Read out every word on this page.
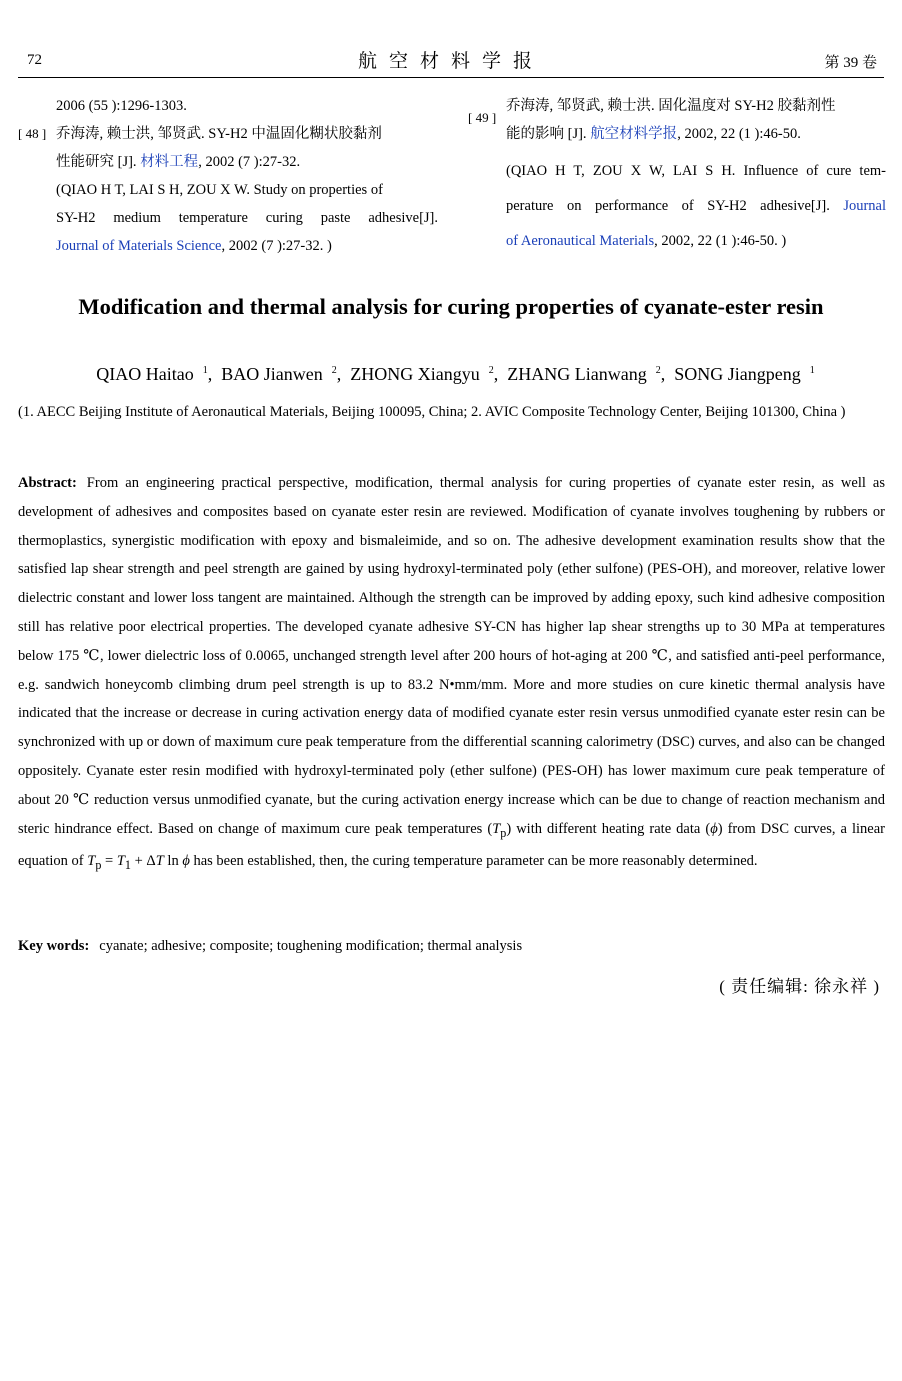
72	航空材料学报	第 39 卷

2006 (55 ):1296-1303.

[ 48 ] 乔海涛, 赖士洪, 邹贤武. SY-H2 中温固化糊状胶黏剂

性能研究 [J]. 材料工程, 2002 (7 ):27-32.

(QIAO H T, LAI S H, ZOU X W. Study on properties of

SY-H2 medium temperature curing paste adhesive[J].

Journal of Materials Science, 2002 (7 ):27-32. )

[ 49 ]

乔海涛, 邹贤武, 赖士洪. 固化温度对 SY-H2 胶黏剂性

能的影响 [J]. 航空材料学报, 2002, 22 (1 ):46-50.

(QIAO H T, ZOU X W, LAI S H. Influence of cure tem-

perature on performance of SY-H2 adhesive[J]. Journal

of Aeronautical Materials, 2002, 22 (1 ):46-50. )

Modification and thermal analysis for curing properties of cyanate-ester resin
QIAO Haitao $^1$, BAO Jianwen $^2$, ZHONG Xiangyu $^2$, ZHANG Lianwang $^2$, SONG Jiangpeng $^1$
(1. AECC Beijing Institute of Aeronautical Materials, Beijing 100095, China; 2. AVIC Composite Technology Center, Beijing 101300, China )

Abstract: From an engineering practical perspective, modification, thermal analysis for curing properties of cyanate ester resin, as well as development of adhesives and composites based on cyanate ester resin are reviewed. Modification of cyanate involves toughening by rubbers or thermoplastics, synergistic modification with epoxy and bismaleimide, and so on. The adhesive development examination results show that the satisfied lap shear strength and peel strength are gained by using hydroxyl-terminated poly (ether sulfone) (PES-OH), and moreover, relative lower dielectric constant and lower loss tangent are maintained. Although the strength can be improved by adding epoxy, such kind adhesive composition still has relative poor electrical properties. The developed cyanate adhesive SY-CN has higher lap shear strengths up to 30 MPa at temperatures below 175 ℃, lower dielectric loss of 0.0065, unchanged strength level after 200 hours of hot-aging at 200 ℃, and satisfied anti-peel performance, e.g. sandwich honeycomb climbing drum peel strength is up to 83.2 N•mm/mm. More and more studies on cure kinetic thermal analysis have indicated that the increase or decrease in curing activation energy data of modified cyanate ester resin versus unmodified cyanate ester resin can be synchronized with up or down of maximum cure peak temperature from the differential scanning calorimetry (DSC) curves, and also can be changed oppositely. Cyanate ester resin modified with hydroxyl-terminated poly (ether sulfone) (PES-OH) has lower maximum cure peak temperature of about 20 ℃ reduction versus unmodified cyanate, but the curing activation energy increase which can be due to change of reaction mechanism and steric hindrance effect. Based on change of maximum cure peak temperatures $(T_p)$ with different heating rate data (ϕ) from DSC curves, a linear equation of $T_p = T_1 + \Delta T$ ln ϕ has been established, then, the curing temperature parameter can be more reasonably determined.

Key words: cyanate; adhesive; composite; toughening modification; thermal analysis

( 责任编辑: 徐永祥 )
